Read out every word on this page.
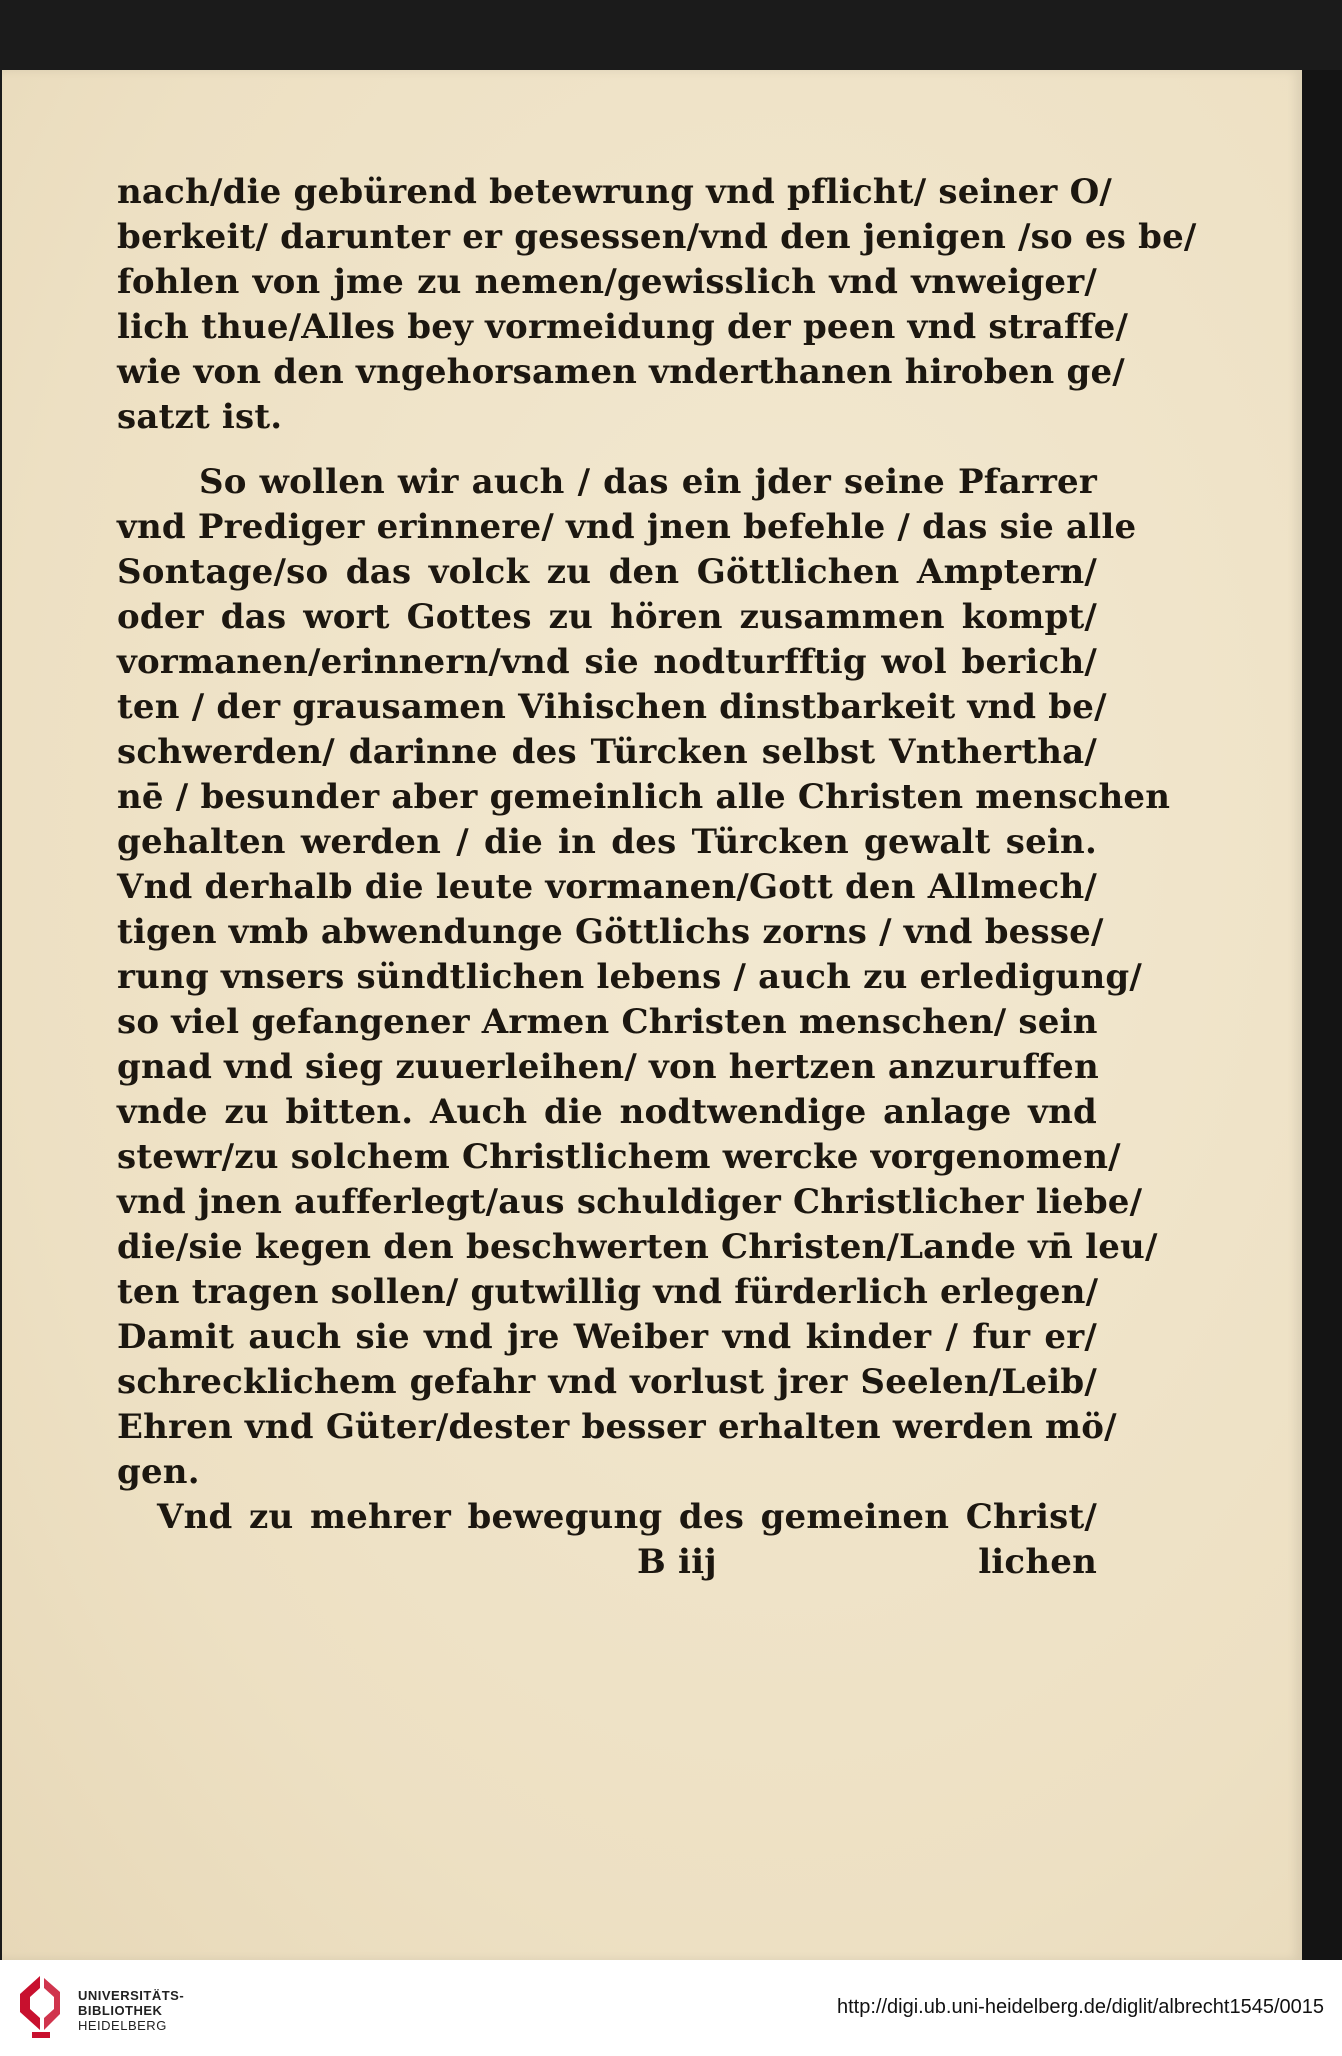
nach/die gebürend betewrung vnd pflicht/ seiner O/
berkeit/ darunter er gesessen/vnd den jenigen /so es be/
fohlen von jme zu nemen/gewisslich vnd vnweiger/
lich thue/Alles bey vormeidung der peen vnd straffe/
wie von den vngehorsamen vnderthanen hiroben ge/
satzt ist.
So wollen wir auch / das ein jder seine Pfarrer
vnd Prediger erinnere/ vnd jnen befehle / das sie alle
Sontage/so das volck zu den Göttlichen Amptern/
oder das wort Gottes zu hören zusammen kompt/
vormanen/erinnern/vnd sie nodturfftig wol berich/
ten / der grausamen Vihischen dinstbarkeit vnd be/
schwerden/ darinne des Türcken selbst Vnthertha/
nē / besunder aber gemeinlich alle Christen menschen
gehalten werden / die in des Türcken gewalt sein.
Vnd derhalb die leute vormanen/Gott den Allmech/
tigen vmb abwendunge Göttlichs zorns / vnd besse/
rung vnsers sündtlichen lebens / auch zu erledigung/
so viel gefangener Armen Christen menschen/ sein
gnad vnd sieg zuuerleihen/ von hertzen anzuruffen
vnde zu bitten. Auch die nodtwendige anlage vnd
stewr/zu solchem Christlichem wercke vorgenomen/
vnd jnen aufferlegt/aus schuldiger Christlicher liebe/
die/sie kegen den beschwerten Christen/Lande vn̄ leu/
ten tragen sollen/ gutwillig vnd fürderlich erlegen/
Damit auch sie vnd jre Weiber vnd kinder / fur er/
schrecklichem gefahr vnd vorlust jrer Seelen/Leib/
Ehren vnd Güter/dester besser erhalten werden mö/
gen.
Vnd zu mehrer bewegung des gemeinen Christ/
B iij	lichen
UNIVERSITÄTS-
BIBLIOTHEK
HEIDELBERG
http://digi.ub.uni-heidelberg.de/diglit/albrecht1545/0015
